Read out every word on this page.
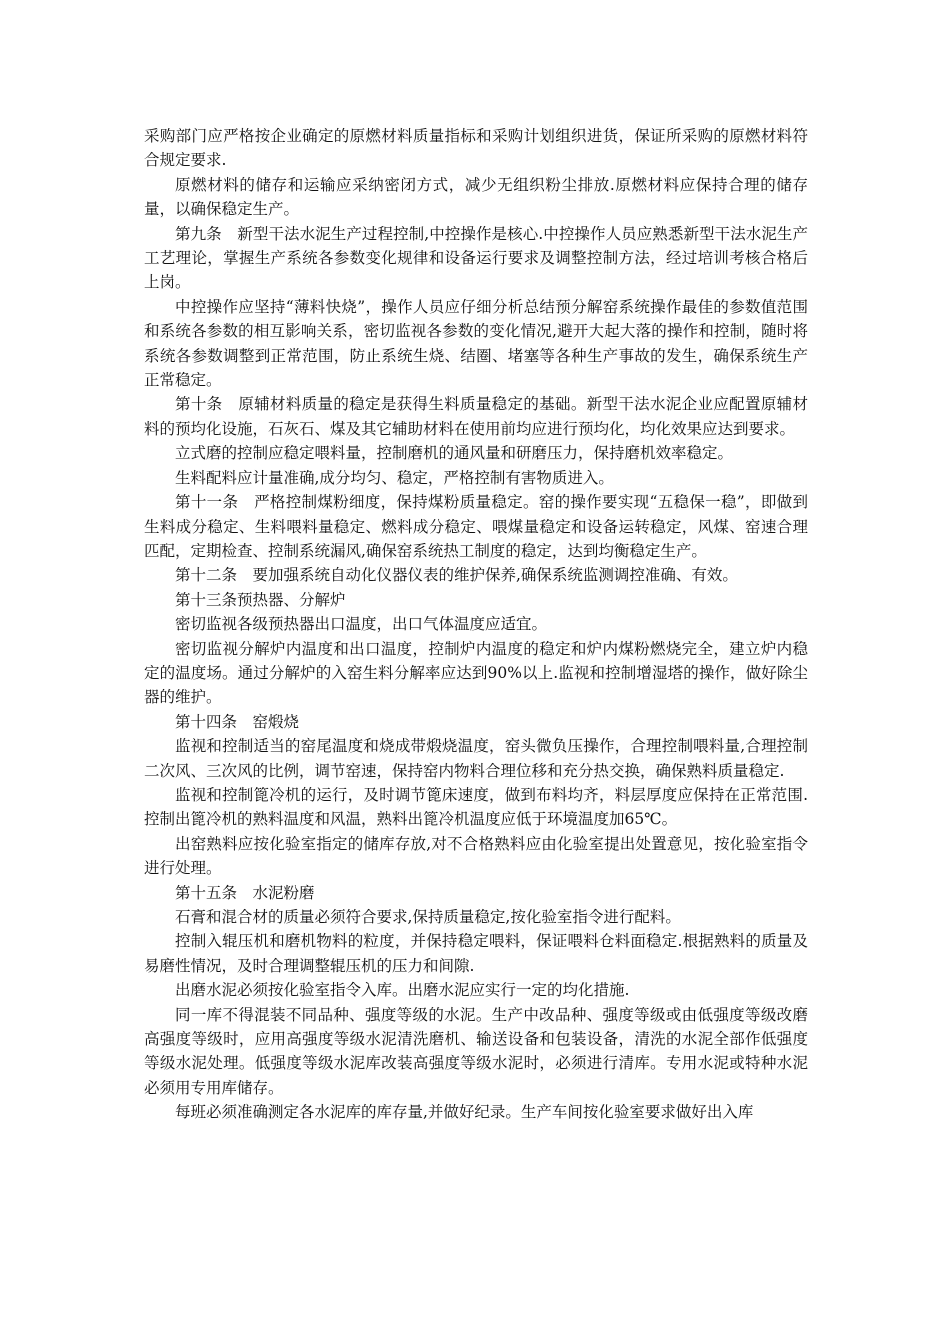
采购部门应严格按企业确定的原燃材料质量指标和采购计划组织进货，保证所采购的原燃材料符合规定要求.

原燃材料的储存和运输应采纳密闭方式，减少无组织粉尘排放.原燃材料应保持合理的储存量，以确保稳定生产。

第九条　新型干法水泥生产过程控制,中控操作是核心.中控操作人员应熟悉新型干法水泥生产工艺理论，掌握生产系统各参数变化规律和设备运行要求及调整控制方法，经过培训考核合格后上岗。

中控操作应坚持“薄料快烧”，操作人员应仔细分析总结预分解窑系统操作最佳的参数值范围和系统各参数的相互影响关系，密切监视各参数的变化情况,避开大起大落的操作和控制，随时将系统各参数调整到正常范围，防止系统生烧、结圈、堵塞等各种生产事故的发生，确保系统生产正常稳定。

第十条　原辅材料质量的稳定是获得生料质量稳定的基础。新型干法水泥企业应配置原辅材料的预均化设施，石灰石、煤及其它辅助材料在使用前均应进行预均化，均化效果应达到要求。

立式磨的控制应稳定喂料量，控制磨机的通风量和研磨压力，保持磨机效率稳定。

生料配料应计量准确,成分均匀、稳定，严格控制有害物质进入。

第十一条　严格控制煤粉细度，保持煤粉质量稳定。窑的操作要实现“五稳保一稳”，即做到生料成分稳定、生料喂料量稳定、燃料成分稳定、喂煤量稳定和设备运转稳定，风煤、窑速合理匹配，定期检查、控制系统漏风,确保窑系统热工制度的稳定，达到均衡稳定生产。

第十二条　要加强系统自动化仪器仪表的维护保养,确保系统监测调控准确、有效。

第十三条预热器、分解炉

密切监视各级预热器出口温度，出口气体温度应适宜。

密切监视分解炉内温度和出口温度，控制炉内温度的稳定和炉内煤粉燃烧完全，建立炉内稳定的温度场。通过分解炉的入窑生料分解率应达到90%以上.监视和控制增湿塔的操作，做好除尘器的维护。

第十四条　窑煅烧

监视和控制适当的窑尾温度和烧成带煅烧温度，窑头微负压操作，合理控制喂料量,合理控制二次风、三次风的比例，调节窑速，保持窑内物料合理位移和充分热交换，确保熟料质量稳定.

监视和控制篦冷机的运行，及时调节篦床速度，做到布料均齐，料层厚度应保持在正常范围.控制出篦冷机的熟料温度和风温，熟料出篦冷机温度应低于环境温度加65℃。

出窑熟料应按化验室指定的储库存放,对不合格熟料应由化验室提出处置意见，按化验室指令进行处理。

第十五条　水泥粉磨

石膏和混合材的质量必须符合要求,保持质量稳定,按化验室指令进行配料。

控制入辊压机和磨机物料的粒度，并保持稳定喂料，保证喂料仓料面稳定.根据熟料的质量及易磨性情况，及时合理调整辊压机的压力和间隙.

出磨水泥必须按化验室指令入库。出磨水泥应实行一定的均化措施.

同一库不得混装不同品种、强度等级的水泥。生产中改品种、强度等级或由低强度等级改磨高强度等级时，应用高强度等级水泥清洗磨机、输送设备和包装设备，清洗的水泥全部作低强度等级水泥处理。低强度等级水泥库改装高强度等级水泥时，必须进行清库。专用水泥或特种水泥必须用专用库储存。

每班必须准确测定各水泥库的库存量,并做好纪录。生产车间按化验室要求做好出入库
